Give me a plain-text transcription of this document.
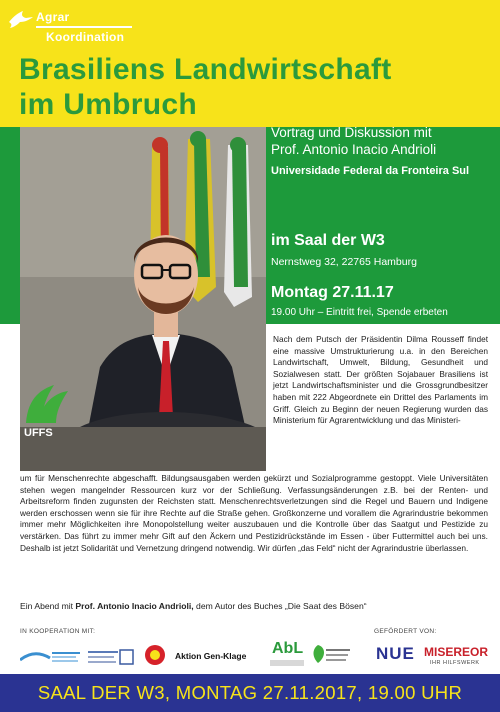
Agrar
Koordination
Brasiliens Landwirtschaft
im Umbruch
UFFS
Vortrag und Diskussion mit
Prof. Antonio Inacio Andrioli
Universidade Federal da Fronteira Sul
im Saal der W3
Nernstweg 32, 22765 Hamburg
Montag 27.11.17
19.00 Uhr – Eintritt frei, Spende erbeten
Nach dem Putsch der Präsidentin Dilma Rousseff findet eine massive Umstrukturierung u.a. in den Bereichen Landwirtschaft, Umwelt, Bildung, Gesundheit und Sozialwesen statt. Der größten Sojabauer Brasiliens ist jetzt Landwirtschaftsminister und die Grossgrundbesitzer haben mit 222 Abgeordnete ein Drittel des Parlaments im Griff. Gleich zu Beginn der neuen Regierung wurden das Ministerium für Agrarentwicklung und das Ministeri-
um für Menschenrechte abgeschafft. Bildungsausgaben werden gekürzt und Sozialprogramme gestoppt. Viele Universitäten stehen wegen mangelnder Ressourcen kurz vor der Schließung. Verfassungsänderungen z.B. bei der Renten- und Arbeitsreform finden zugunsten der Reichsten statt. Menschenrechtsverletzungen sind die Regel und Bauern und Indigene werden erschossen wenn sie für ihre Rechte auf die Straße gehen. Großkonzerne und vorallem die Agrarindustrie bekommen immer mehr Möglichkeiten ihre Monopolstellung weiter auszubauen und die Kontrolle über das Saatgut und Pestizide zu verstärken. Das führt zu immer mehr Gift auf den Äckern und Pestizidrückstände im Essen - über Futtermittel auch bei uns. Deshalb ist jetzt Solidarität und Vernetzung dringend notwendig. Wir dürfen „das Feld“ nicht der Agrarindustrie überlassen.
Ein Abend mit Prof. Antonio Inacio Andrioli, dem Autor des Buches „Die Saat des Bösen“
IN KOOPERATION MIT:	GEFÖRDERT VON:
Aktion Gen-Klage AbL	NUE MISEREOR
IHR HILFSWERK
SAAL DER W3, MONTAG 27.11.2017, 19.00 UHR
